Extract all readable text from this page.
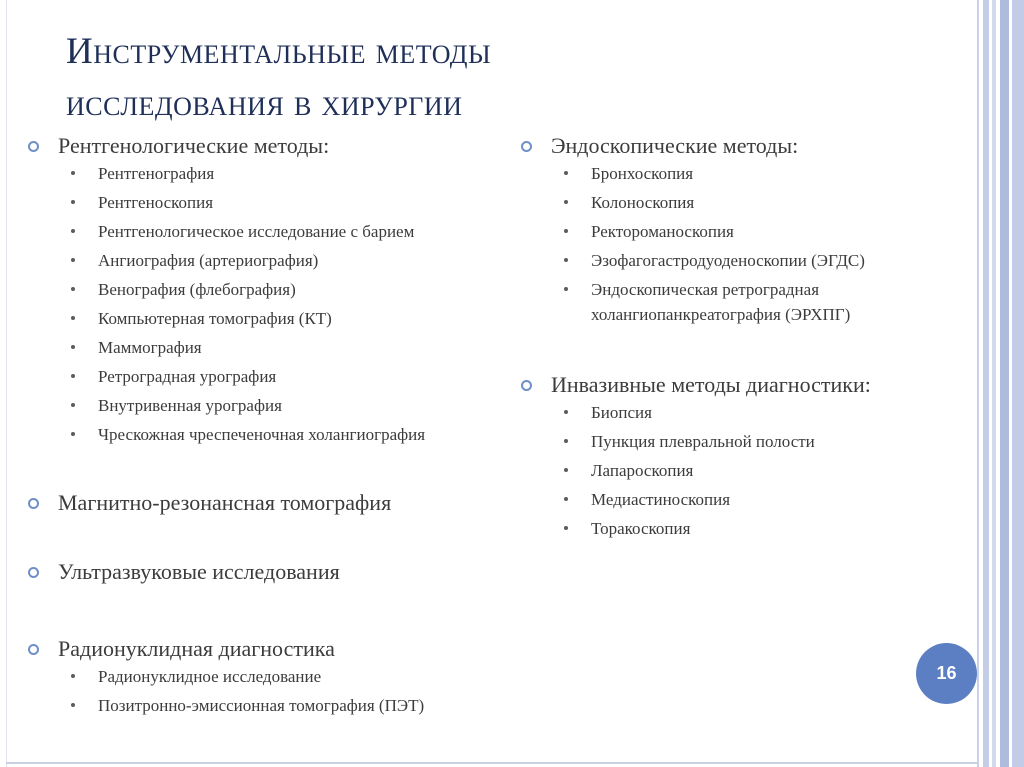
Инструментальные методы
исследования в хирургии
Рентгенологические методы:
Рентгенография
Рентгеноскопия
Рентгенологическое исследование с барием
Ангиография (артериография)
Венография (флебография)
Компьютерная томография (КТ)
Маммография
Ретроградная урография
Внутривенная урография
Чрескожная чреспеченочная холангиография
Магнитно-резонансная томография
Ультразвуковые исследования
Радионуклидная диагностика
Радионуклидное исследование
Позитронно-эмиссионная томография (ПЭТ)
Эндоскопические методы:
Бронхоскопия
Колоноскопия
Ректороманоскопия
Эзофагогастродуоденоскопии (ЭГДС)
Эндоскопическая ретроградная холангиопанкреатография (ЭРХПГ)
Инвазивные методы диагностики:
Биопсия
Пункция плевральной полости
Лапароскопия
Медиастиноскопия
Торакоскопия
16
